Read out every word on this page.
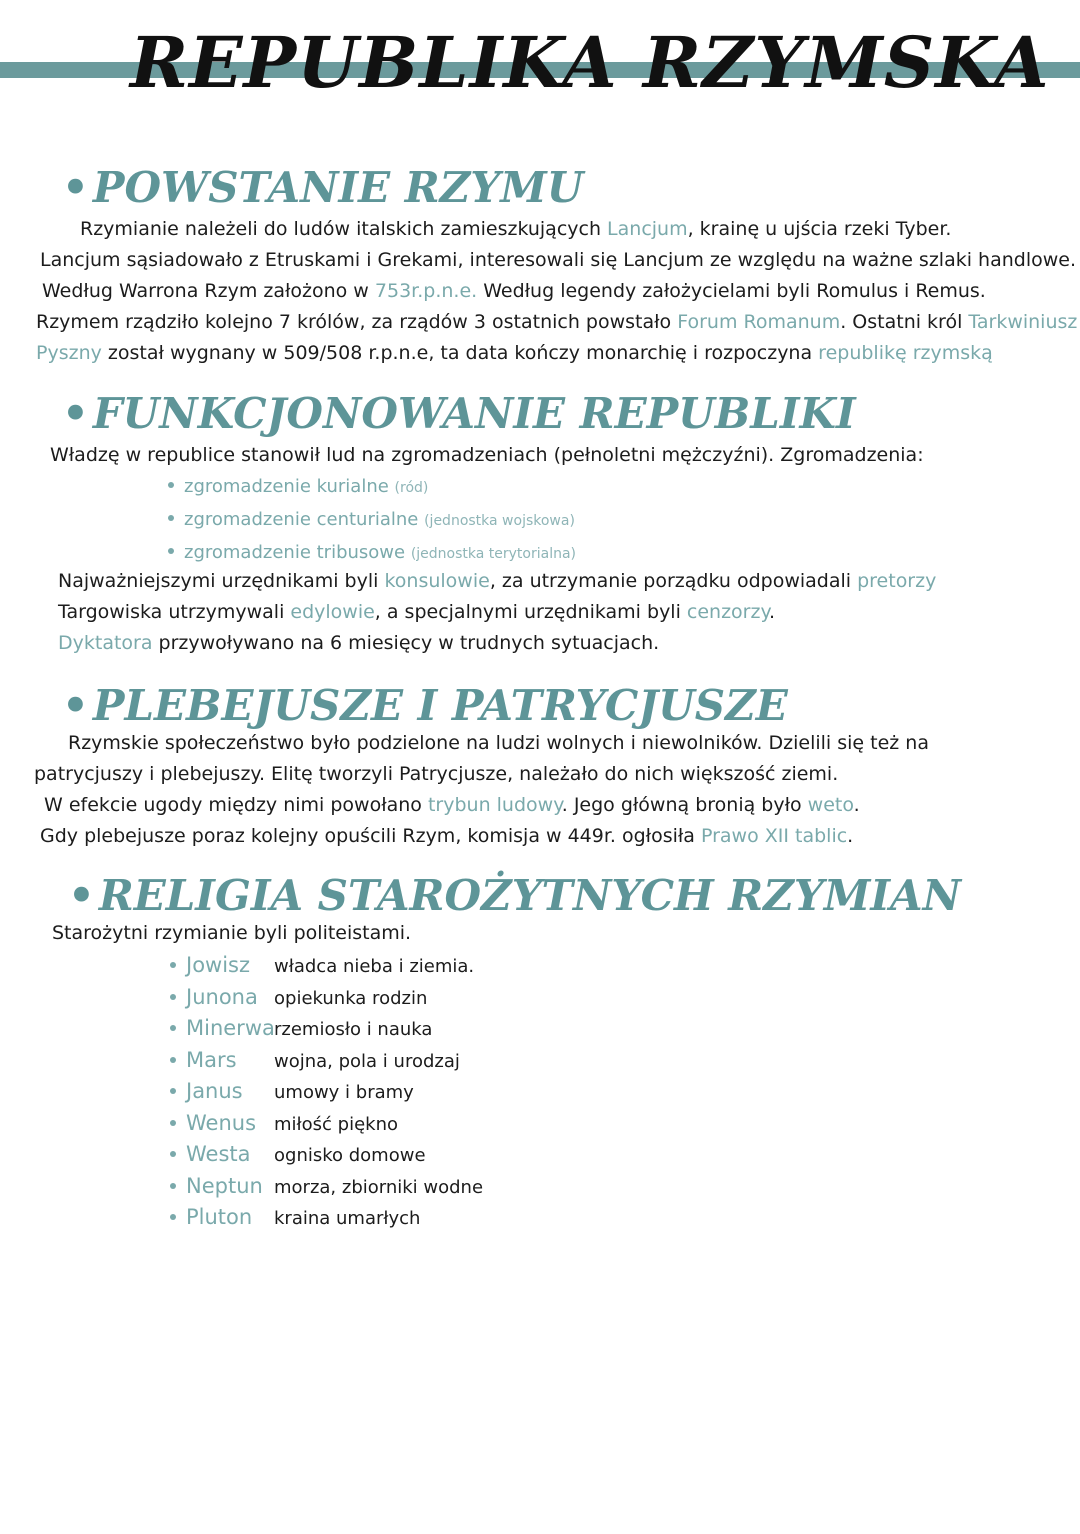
REPUBLIKA RZYMSKA
•POWSTANIE RZYMU
Rzymianie należeli do ludów italskich zamieszkujących Lancjum, krainę u ujścia rzeki Tyber.
Lancjum sąsiadowało z Etruskami i Grekami, interesowali się Lancjum ze względu na ważne szlaki handlowe.
Według Warrona Rzym założono w 753r.p.n.e. Według legendy założycielami byli Romulus i Remus.
Rzymem rządziło kolejno 7 królów, za rządów 3 ostatnich powstało Forum Romanum. Ostatni król Tarkwiniusz
Pyszny został wygnany w 509/508 r.p.n.e, ta data kończy monarchię i rozpoczyna republikę rzymską
•FUNKCJONOWANIE REPUBLIKI
Władzę w republice stanowił lud na zgromadzeniach (pełnoletni mężczyźni). Zgromadzenia:
zgromadzenie kurialne (ród)
zgromadzenie centurialne (jednostka wojskowa)
zgromadzenie tribusowe (jednostka terytorialna)
Najważniejszymi urzędnikami byli konsulowie, za utrzymanie porządku odpowiadali pretorzy
Targowiska utrzymywali edylowie, a specjalnymi urzędnikami byli cenzorzy.
Dyktatora przywoływano na 6 miesięcy w trudnych sytuacjach.
•PLEBEJUSZE I PATRYCJUSZE
Rzymskie społeczeństwo było podzielone na ludzi wolnych i niewolników. Dzielili się też na
patrycjuszy i plebejuszy. Elitę tworzyli Patrycjusze, należało do nich większość ziemi.
W efekcie ugody między nimi powołano trybun ludowy. Jego główną bronią było weto.
Gdy plebejusze poraz kolejny opuścili Rzym, komisja w 449r. ogłosiła Prawo XII tablic.
•RELIGIA STAROŻYTNYCH RZYMIAN
Starożytni rzymianie byli politeistami.
Jowisz władca nieba i ziemia.
Junona opiekunka rodzin
Minerwarzemiosło i nauka
Mars wojna, pola i urodzaj
Janus umowy i bramy
Wenus miłość piękno
Westa ognisko domowe
Neptun morza, zbiorniki wodne
Pluton kraina umarłych
